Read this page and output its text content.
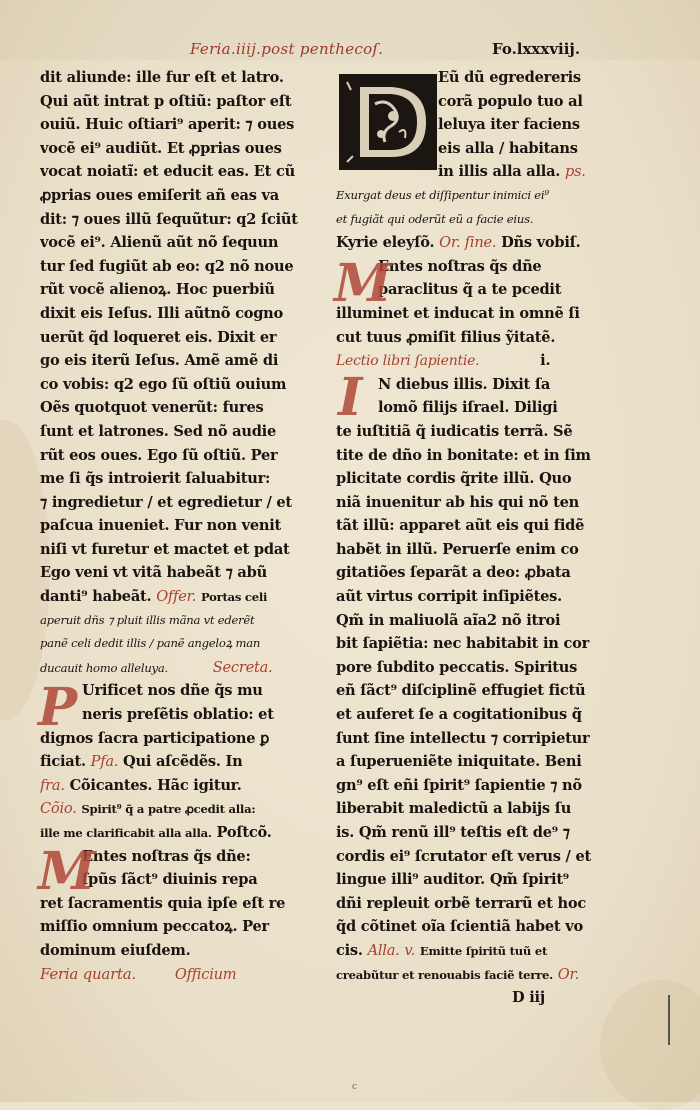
Feria.iiij.post penthecoſ.	Fo.lxxxviij.
dit aliunde: ille fur eſt et latro.
Qui aũt intrat p oſtiũ: paſtor eſt
ouiũ. Huic oſtiari⁹ aperit: ⁊ oues
vocẽ ei⁹ audiũt. Et ꝓprias oues
vocat noiatĩ: et educit eas. Et cũ
ꝓprias oues emiſerit añ eas va
dit: ⁊ oues illũ ſequũtur: q2 ſciũt
vocẽ ei⁹. Alienũ aũt nõ ſequun
tur ſed fugiũt ab eo: q2 nõ noue
rũt vocẽ alienoꝝ. Hoc puerbiũ
dixit eis Ieſus. Illi aũtnõ cogno
uerũt q̃d loqueret eis. Dixit er
go eis iterũ Ieſus. Amẽ amẽ di
co vobis: q2 ego ſũ oſtiũ ouium
Oẽs quotquot venerũt: fures
ſunt et latrones. Sed nõ audie
rũt eos oues. Ego ſũ oſtiũ. Per
me ſi q̃s introierit ſaluabitur:
⁊ ingredietur / et egredietur / et
paſcua inueniet. Fur non venit
niſi vt furetur et mactet et pdat
Ego veni vt vitã habeãt ⁊ abũ
danti⁹ habeãt. Offer. Portas celi
aperuit dñs ⁊ pluit illis mãna vt ederẽt
panẽ celi dedit illis / panẽ angeloꝝ man
ducauit homo alleluya.	Secreta.
Urificet nos dñe q̃s mu
neris preſẽtis oblatio: et
dignos ſacra participatione ꝑ
ficiat. Pfa. Qui aſcẽdẽs. In
fra. Cõicantes. Hãc igitur.
Cõio. Spirit⁹ q̃ a patre ꝓcedit alla:
ille me clarificabit alla alla. Poſtcõ.
Entes noſtras q̃s dñe:
ſpũs ſãct⁹ diuinis repa
ret ſacramentis quia ipſe eſt re
miſſio omnium peccatoꝝ. Per
dominum eiuſdem.
Feria quarta.	Officium
P
M
Eũ dũ egredereris
corã populo tuo al
leluya iter faciens
eis alla / habitans
in illis alla alla. ps.
Exurgat deus et diſſipentur inimici ei⁹
et fugiãt qui oderũt eũ a facie eius.
Kyrie eleyſõ. Or. ſine. Dñs vobiſ.
Entes noſtras q̃s dñe
paraclitus q̃ a te pcedit
illuminet et inducat in omnẽ ſi
cut tuus ꝓmiſit filius ỹitatẽ.
Lectio libri ſapientie.	i.
N diebus illis. Dixit ſa
lomõ filijs iſrael. Diligi
te iuſtitiã q̃ iudicatis terrã. Sẽ
tite de dño in bonitate: et in ſim
plicitate cordis q̃rite illũ. Quo
niã inuenitur ab his qui nõ ten
tãt illũ: apparet aũt eis qui fidẽ
habẽt in illũ. Peruerſe enim co
gitatiões ſeparãt a deo: ꝓbata
aũt virtus corripit inſipiẽtes.
Qm̃ in maliuolã aĩa2 nõ itroi
bit ſapiẽtia: nec habitabit in cor
pore ſubdito peccatis. Spiritus
eñ ſãct⁹ diſciplinẽ effugiet fictũ
et auferet ſe a cogitationibus q̃
ſunt ſine intellectu ⁊ corripietur
a ſuperueniẽte iniquitate. Beni
gn⁹ eſt eñi ſpirit⁹ ſapientie ⁊ nõ
liberabit maledictũ a labijs ſu
is. Qm̃ renũ ill⁹ teſtis eſt de⁹ ⁊
cordis ei⁹ ſcrutator eſt verus / et
lingue illi⁹ auditor. Qm̃ ſpirit⁹
dñi repleuit orbẽ terrarũ et hoc
q̃d cõtinet oĩa ſcientiã habet vo
cis. Alla. v. Emitte ſpiritũ tuũ et
creabũtur et renouabis faciẽ terre. Or.
D iij
M
I
c
